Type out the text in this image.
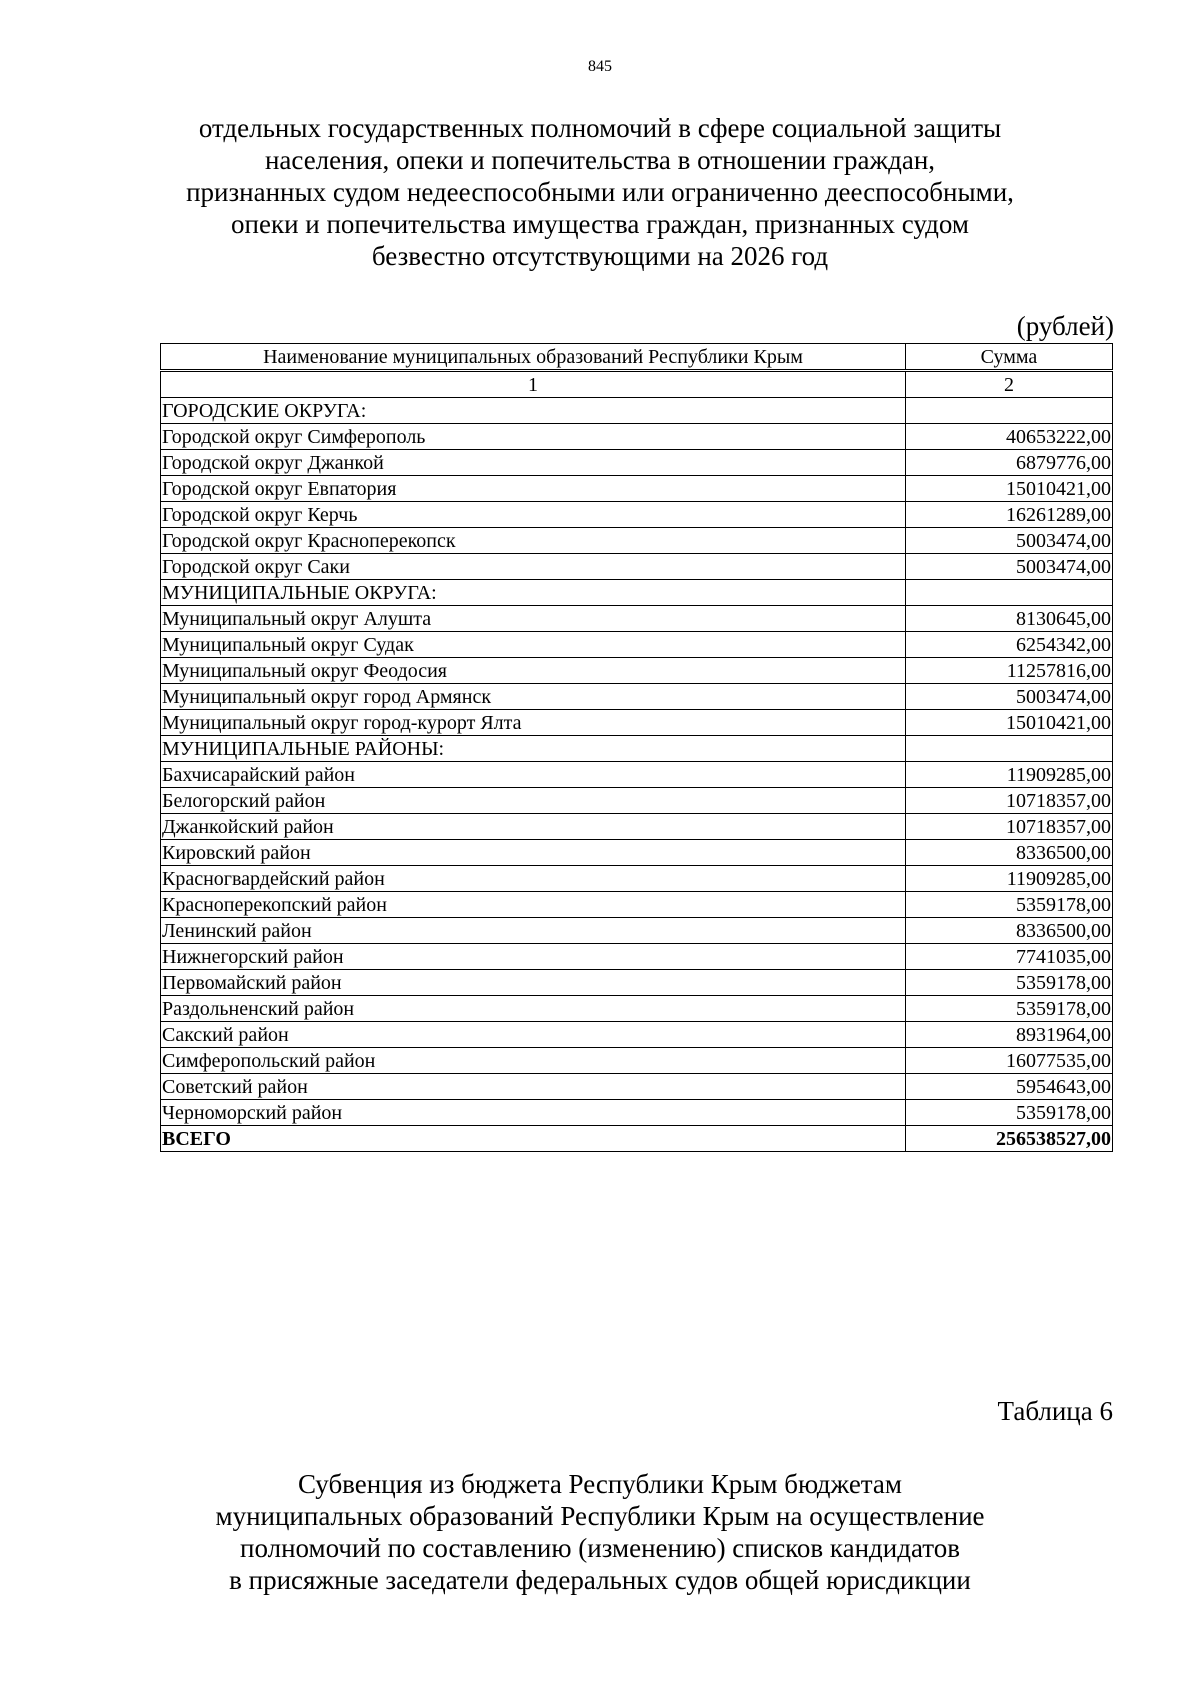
845
отдельных государственных полномочий в сфере социальной защиты
населения, опеки и попечительства в отношении граждан,
признанных судом недееспособными или ограниченно дееспособными,
опеки и попечительства имущества граждан, признанных судом
безвестно отсутствующими на 2026 год
(рублей)
Наименование муниципальных образований Республики Крым	Сумма
1	2
ГОРОДСКИЕ ОКРУГА:	
Городской округ Симферополь	40653222,00
Городской округ Джанкой	6879776,00
Городской округ Евпатория	15010421,00
Городской округ Керчь	16261289,00
Городской округ Красноперекопск	5003474,00
Городской округ Саки	5003474,00
МУНИЦИПАЛЬНЫЕ ОКРУГА:	
Муниципальный округ Алушта	8130645,00
Муниципальный округ Судак	6254342,00
Муниципальный округ Феодосия	11257816,00
Муниципальный округ город Армянск	5003474,00
Муниципальный округ город-курорт Ялта	15010421,00
МУНИЦИПАЛЬНЫЕ РАЙОНЫ:	
Бахчисарайский район	11909285,00
Белогорский район	10718357,00
Джанкойский район	10718357,00
Кировский район	8336500,00
Красногвардейский район	11909285,00
Красноперекопский район	5359178,00
Ленинский район	8336500,00
Нижнегорский район	7741035,00
Первомайский район	5359178,00
Раздольненский район	5359178,00
Сакский район	8931964,00
Симферопольский район	16077535,00
Советский район	5954643,00
Черноморский район	5359178,00
ВСЕГО	256538527,00
Таблица 6
Субвенция из бюджета Республики Крым бюджетам
муниципальных образований Республики Крым на осуществление
полномочий по составлению (изменению) списков кандидатов
в присяжные заседатели федеральных судов общей юрисдикции
